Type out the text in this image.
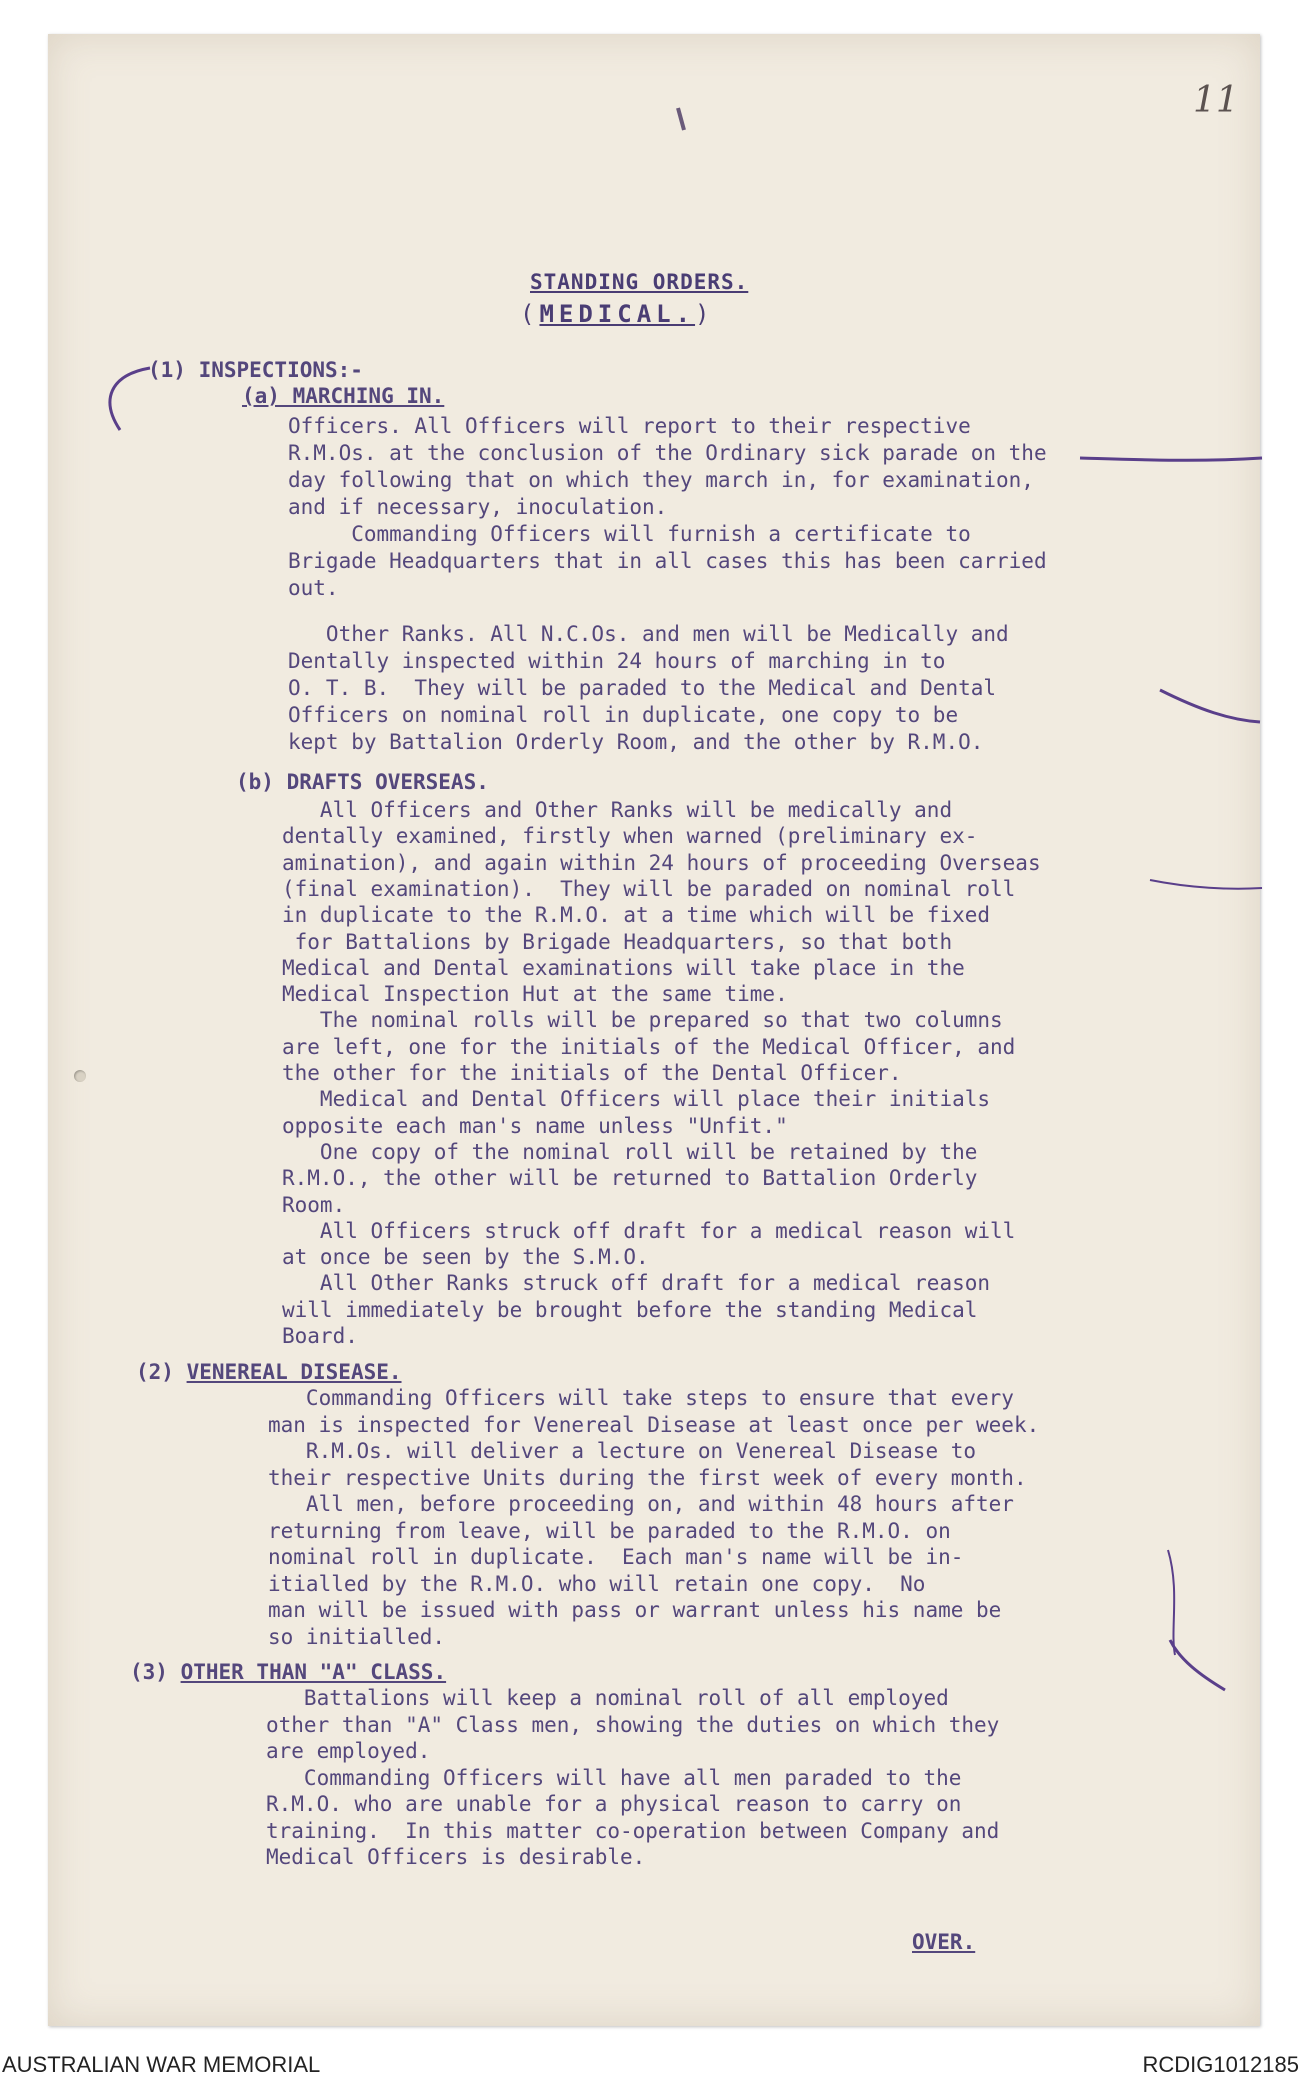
11
STANDING ORDERS.
(MEDICAL.)
(1) INSPECTIONS:-
(a) MARCHING IN.
Officers. All Officers will report to their respective
R.M.Os. at the conclusion of the Ordinary sick parade on the
day following that on which they march in, for examination,
and if necessary, inoculation.
Commanding Officers will furnish a certificate to
Brigade Headquarters that in all cases this has been carried
out.
Other Ranks. All N.C.Os. and men will be Medically and
Dentally inspected within 24 hours of marching in to
O. T. B.  They will be paraded to the Medical and Dental
Officers on nominal roll in duplicate, one copy to be
kept by Battalion Orderly Room, and the other by R.M.O.
(b) DRAFTS OVERSEAS.
All Officers and Other Ranks will be medically and
dentally examined, firstly when warned (preliminary ex-
amination), and again within 24 hours of proceeding Overseas
(final examination).  They will be paraded on nominal roll
in duplicate to the R.M.O. at a time which will be fixed
for Battalions by Brigade Headquarters, so that both
Medical and Dental examinations will take place in the
Medical Inspection Hut at the same time.
The nominal rolls will be prepared so that two columns
are left, one for the initials of the Medical Officer, and
the other for the initials of the Dental Officer.
Medical and Dental Officers will place their initials
opposite each man's name unless "Unfit."
One copy of the nominal roll will be retained by the
R.M.O., the other will be returned to Battalion Orderly
Room.
All Officers struck off draft for a medical reason will
at once be seen by the S.M.O.
All Other Ranks struck off draft for a medical reason
will immediately be brought before the standing Medical
Board.
(2) VENEREAL DISEASE.
Commanding Officers will take steps to ensure that every
man is inspected for Venereal Disease at least once per week.
R.M.Os. will deliver a lecture on Venereal Disease to
their respective Units during the first week of every month.
All men, before proceeding on, and within 48 hours after
returning from leave, will be paraded to the R.M.O. on
nominal roll in duplicate.  Each man's name will be in-
itialled by the R.M.O. who will retain one copy.  No
man will be issued with pass or warrant unless his name be
so initialled.
(3) OTHER THAN "A" CLASS.
Battalions will keep a nominal roll of all employed
other than "A" Class men, showing the duties on which they
are employed.
Commanding Officers will have all men paraded to the
R.M.O. who are unable for a physical reason to carry on
training.  In this matter co-operation between Company and
Medical Officers is desirable.
OVER.
AUSTRALIAN WAR MEMORIAL	RCDIG1012185
